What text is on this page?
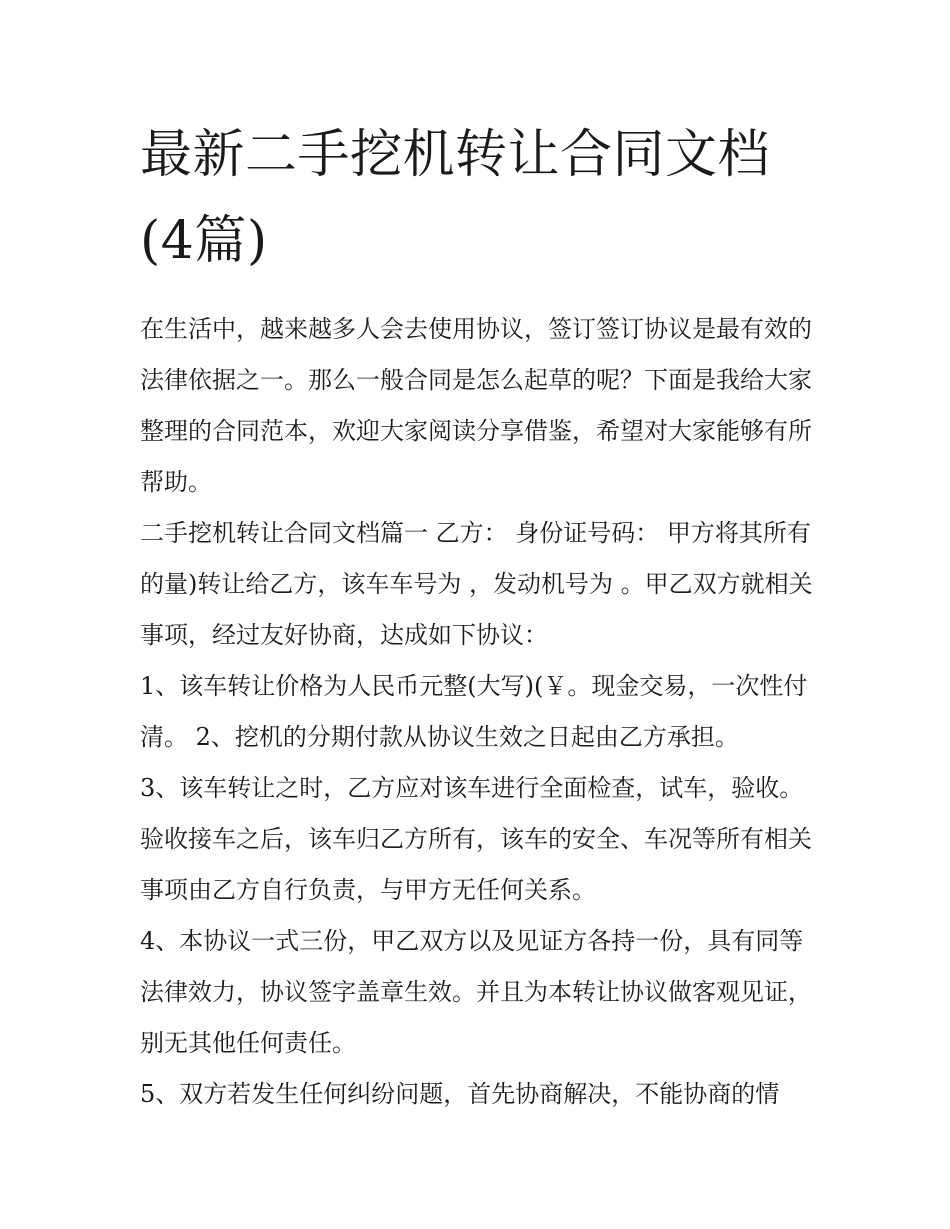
最新二手挖机转让合同文档(4篇)

在生活中，越来越多人会去使用协议，签订签订协议是最有效的法律依据之一。那么一般合同是怎么起草的呢？下面是我给大家整理的合同范本，欢迎大家阅读分享借鉴，希望对大家能够有所帮助。

二手挖机转让合同文档篇一 乙方： 身份证号码： 甲方将其所有的量)转让给乙方，该车车号为 ，发动机号为 。甲乙双方就相关事项，经过友好协商，达成如下协议：

1、该车转让价格为人民币元整(大写)(￥。现金交易，一次性付清。 2、挖机的分期付款从协议生效之日起由乙方承担。

3、该车转让之时，乙方应对该车进行全面检查，试车，验收。验收接车之后，该车归乙方所有，该车的安全、车况等所有相关事项由乙方自行负责，与甲方无任何关系。

4、本协议一式三份，甲乙双方以及见证方各持一份，具有同等法律效力，协议签字盖章生效。并且为本转让协议做客观见证，别无其他任何责任。

5、双方若发生任何纠纷问题，首先协商解决，不能协商的情
